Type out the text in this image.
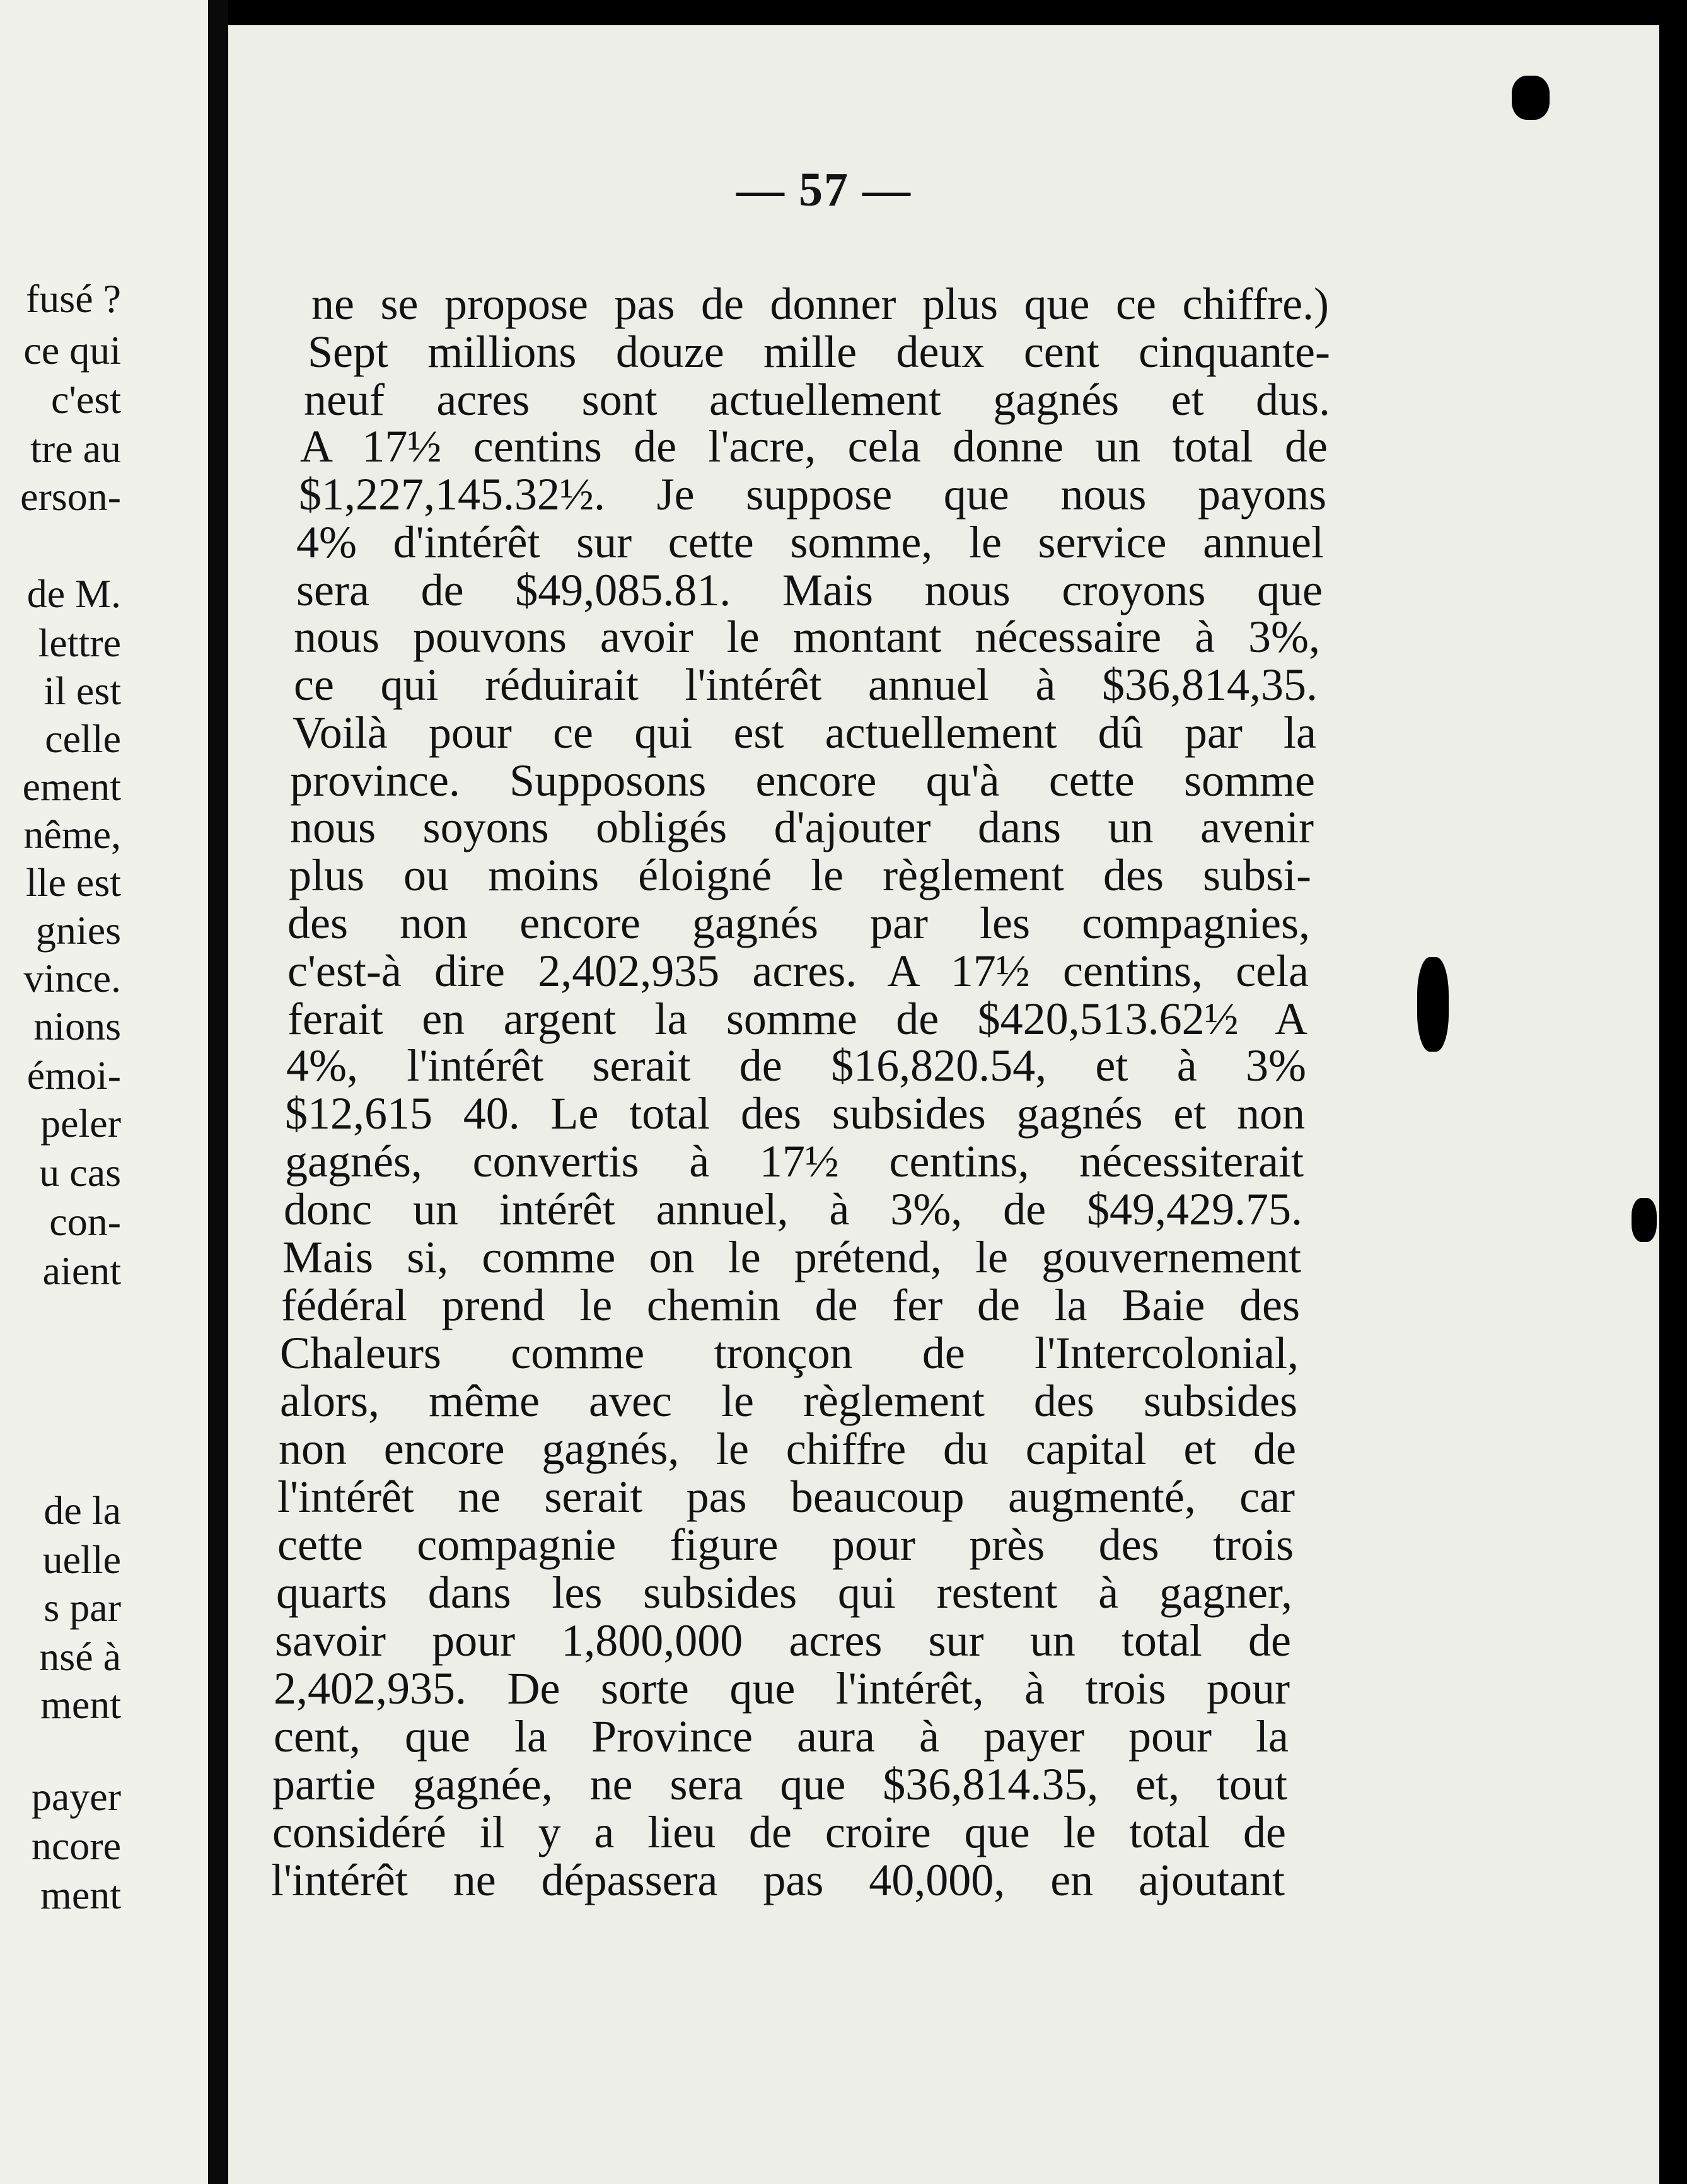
fusé ?
ce qui
c'est
tre au
erson-
de M.
lettre
il est
celle
ement
nême,
lle est
gnies
vince.
nions
émoi-
peler
u cas
con-
aient
de la
uelle
s par
nsé à
ment
payer
ncore
ment
— 57 —
ne se propose pas de donner plus que ce chiffre.)
Sept millions douze mille deux cent cinquante-
neuf acres sont actuellement gagnés et dus.
A 17½ centins de l'acre, cela donne un total de
$1,227,145.32½. Je suppose que nous payons
4% d'intérêt sur cette somme, le service annuel
sera de $49,085.81. Mais nous croyons que
nous pouvons avoir le montant nécessaire à 3%,
ce qui réduirait l'intérêt annuel à $36,814,35.
Voilà pour ce qui est actuellement dû par la
province. Supposons encore qu'à cette somme
nous soyons obligés d'ajouter dans un avenir
plus ou moins éloigné le règlement des subsi-
des non encore gagnés par les compagnies,
c'est-à dire 2,402,935 acres. A 17½ centins, cela
ferait en argent la somme de $420,513.62½ A
4%, l'intérêt serait de $16,820.54, et à 3%
$12,615 40. Le total des subsides gagnés et non
gagnés, convertis à 17½ centins, nécessiterait
donc un intérêt annuel, à 3%, de $49,429.75.
Mais si, comme on le prétend, le gouvernement
fédéral prend le chemin de fer de la Baie des
Chaleurs comme tronçon de l'Intercolonial,
alors, même avec le règlement des subsides
non encore gagnés, le chiffre du capital et de
l'intérêt ne serait pas beaucoup augmenté, car
cette compagnie figure pour près des trois
quarts dans les subsides qui restent à gagner,
savoir pour 1,800,000 acres sur un total de
2,402,935. De sorte que l'intérêt, à trois pour
cent, que la Province aura à payer pour la
partie gagnée, ne sera que $36,814.35, et, tout
considéré il y a lieu de croire que le total de
l'intérêt ne dépassera pas 40,000, en ajoutant
